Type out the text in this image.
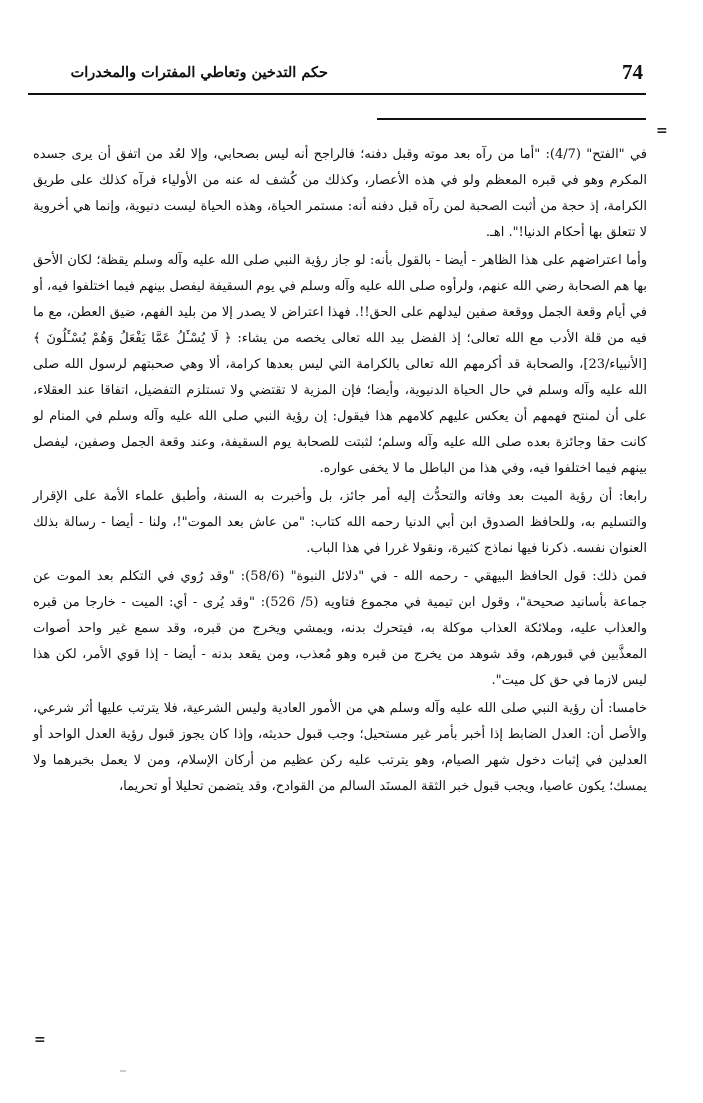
74
حكم التدخين وتعاطي المفترات والمخدرات
=

في "الفتح" (4/7): "أما من رآه بعد موته وقبل دفنه؛ فالراجح أنه ليس بصحابي، وإلا لعُد من اتفق أن يرى جسده المكرم وهو في قبره المعظم ولو في هذه الأعصار، وكذلك من كُشف له عنه من الأولياء فرآه كذلك على طريق الكرامة، إذ حجة من أثبت الصحبة لمن رآه قبل دفنه أنه: مستمر الحياة، وهذه الحياة ليست دنيوية، وإنما هي أخروية لا تتعلق بها أحكام الدنيا!". اهـ.

وأما اعتراضهم على هذا الظاهر - أيضا - بالقول بأنه: لو جاز رؤية النبي صلى الله عليه وآله وسلم يقظة؛ لكان الأحق بها هم الصحابة رضي الله عنهم، ولرأوه صلى الله عليه وآله وسلم في يوم السقيفة ليفصل بينهم فيما اختلفوا فيه، أو في أيام وقعة الجمل ووقعة صفين ليدلهم على الحق!!. فهذا اعتراض لا يصدر إلا من بليد الفهم، ضيق العطن، مع ما فيه من قلة الأدب مع الله تعالى؛ إذ الفضل بيد الله تعالى يخصه من يشاء: ﴿ لَا يُسْـَٔلُ عَمَّا يَفْعَلُ وَهُمْ يُسْـَٔلُونَ ﴾ [الأنبياء/23]، والصحابة قد أكرمهم الله تعالى بالكرامة التي ليس بعدها كرامة، ألا وهي صحبتهم لرسول الله صلى الله عليه وآله وسلم في حال الحياة الدنيوية، وأيضا؛ فإن المزية لا تقتضي ولا تستلزم التفضيل، اتفاقا عند العقلاء، على أن لمنتح فهمهم أن يعكس عليهم كلامهم هذا فيقول: إن رؤية النبي صلى الله عليه وآله وسلم في المنام لو كانت حقا وجائزة بعده صلى الله عليه وآله وسلم؛ لثبتت للصحابة يوم السقيفة، وعند وقعة الجمل وصفين، ليفصل بينهم فيما اختلفوا فيه، وفي هذا من الباطل ما لا يخفى عواره.

رابعا: أن رؤية الميت بعد وفاته والتحدُّث إليه أمر جائز، بل وأخبرت به السنة، وأطبق علماء الأمة على الإقرار والتسليم به، وللحافظ الصدوق ابن أبي الدنيا رحمه الله كتاب: "من عاش بعد الموت"!، ولنا - أيضا - رسالة بذلك العنوان نفسه. ذكرنا فيها نماذج كثيرة، ونقولا غررا في هذا الباب.

فمن ذلك: قول الحافظ البيهقي - رحمه الله - في "دلائل النبوة" (58/6): "وقد رُوي في التكلم بعد الموت عن جماعة بأسانيد صحيحة"، وقول ابن تيمية في مجموع فتاويه (5/ 526): "وقد يُرى - أي: الميت - خارجا من قبره والعذاب عليه، وملائكة العذاب موكلة به، فيتحرك بدنه، ويمشي ويخرج من قبره، وقد سمع غير واحد أصوات المعذَّبين في قبورهم، وقد شوهد من يخرج من قبره وهو مُعذب، ومن يقعد بدنه - أيضا - إذا قوي الأمر، لكن هذا ليس لازما في حق كل ميت".

خامسا: أن رؤية النبي صلى الله عليه وآله وسلم هي من الأمور العادية وليس الشرعية، فلا يترتب عليها أثر شرعي، والأصل أن: العدل الضابط إذا أخبر بأمر غير مستحيل؛ وجب قبول حديثه، وإذا كان يجوز قبول رؤية العدل الواحد أو العدلين في إثبات دخول شهر الصيام، وهو يترتب عليه ركن عظيم من أركان الإسلام، ومن لا يعمل بخبرهما ولا يمسك؛ يكون عاصيا، ويجب قبول خبر الثقة المسنَد السالم من القوادح، وقد يتضمن تحليلا أو تحريما،

=
